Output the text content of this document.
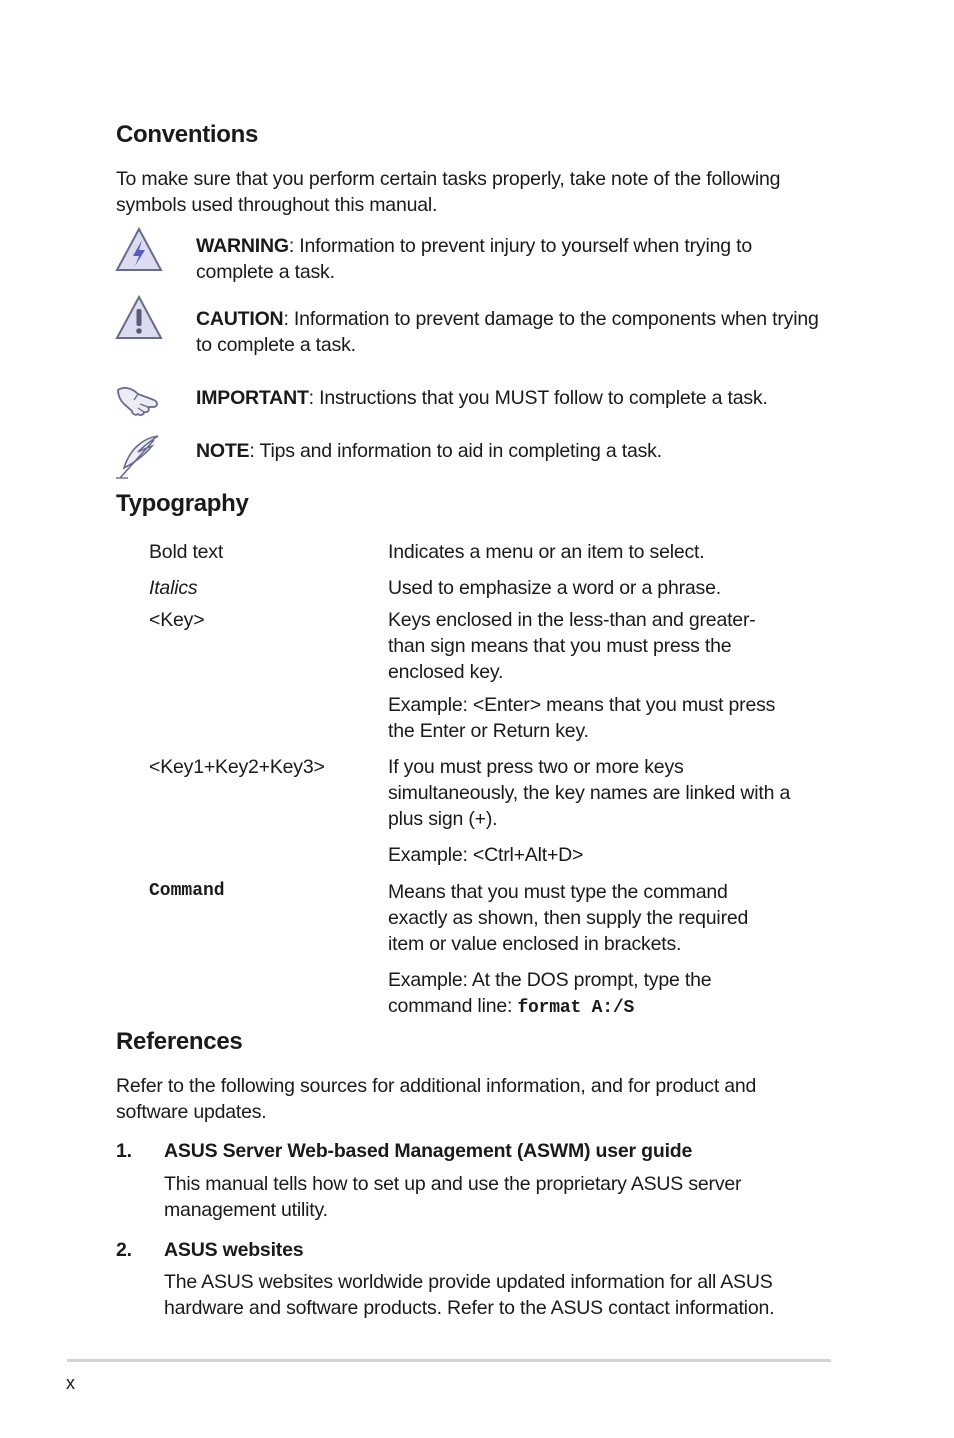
Conventions
To make sure that you perform certain tasks properly, take note of the following symbols used throughout this manual.
WARNING: Information to prevent injury to yourself when trying to complete a task.
CAUTION: Information to prevent damage to the components when trying to complete a task.
IMPORTANT: Instructions that you MUST follow to complete a task.
NOTE: Tips and information to aid in completing a task.
Typography
Bold text	Indicates a menu or an item to select.
Italics	Used to emphasize a word or a phrase.
<Key>	Keys enclosed in the less-than and greater-than sign means that you must press the enclosed key.
Example: <Enter> means that you must press the Enter or Return key.
<Key1+Key2+Key3>	If you must press two or more keys simultaneously, the key names are linked with a plus sign (+).
Example: <Ctrl+Alt+D>
Command	Means that you must type the command exactly as shown, then supply the required item or value enclosed in brackets.
Example: At the DOS prompt, type the command line: format A:/S
References
Refer to the following sources for additional information, and for product and software updates.
1. ASUS Server Web-based Management (ASWM) user guide
This manual tells how to set up and use the proprietary ASUS server management utility.
2. ASUS websites
The ASUS websites worldwide provide updated information for all ASUS hardware and software products. Refer to the ASUS contact information.
x
